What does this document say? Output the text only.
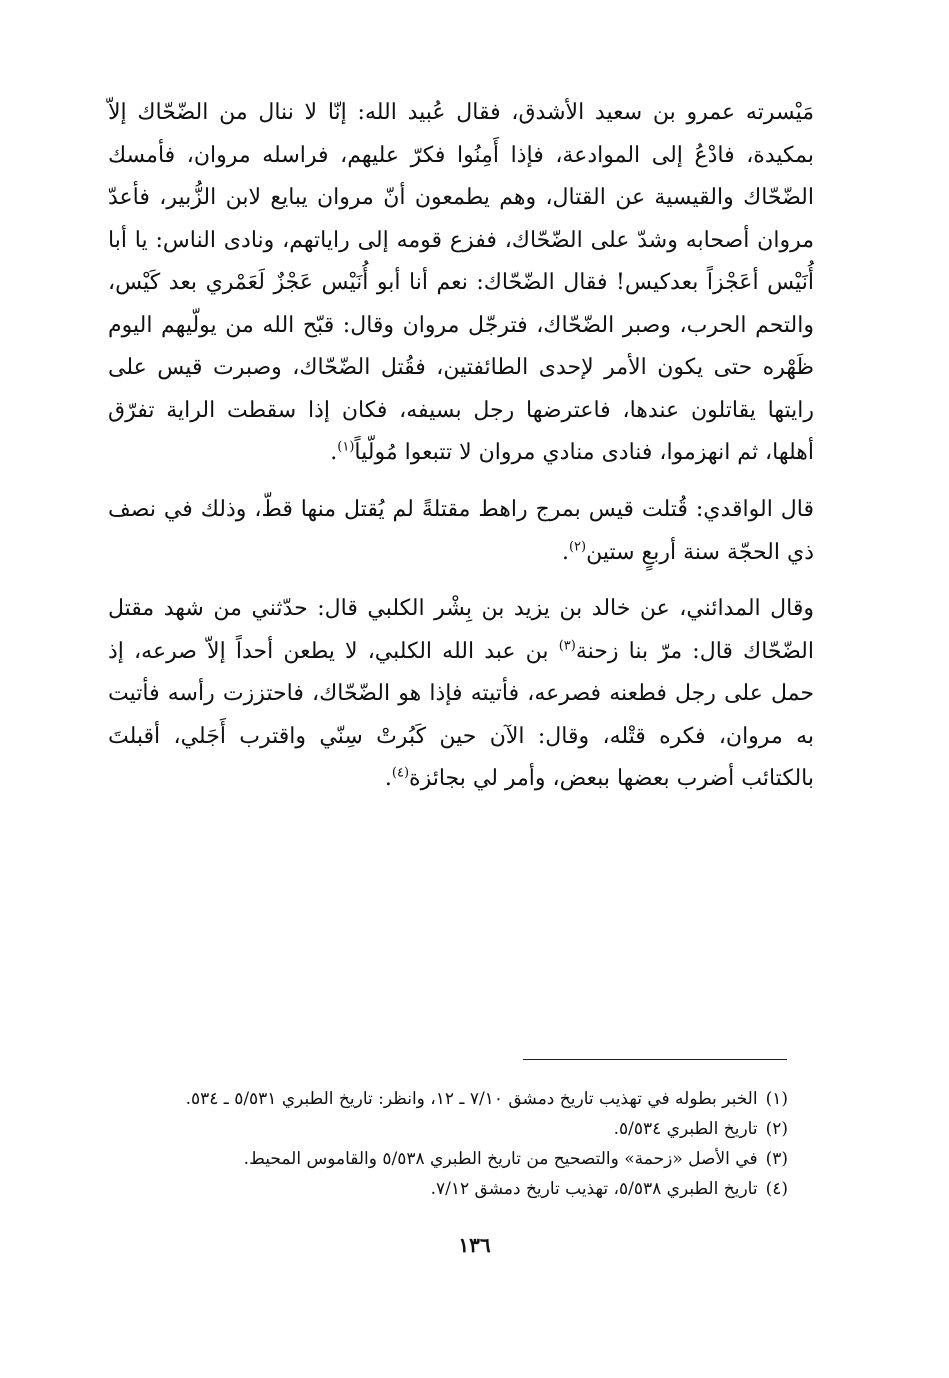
مَيْسرته عمرو بن سعيد الأشدق، فقال عُبيد الله: إنّا لا ننال من الضّحّاك إلاّ بمكيدة، فادْعُ إلى الموادعة، فإذا أَمِنُوا فكرّ عليهم، فراسله مروان، فأمسك الضّحّاك والقيسية عن القتال، وهم يطمعون أنّ مروان يبايع لابن الزُّبير، فأعدّ مروان أصحابه وشدّ على الضّحّاك، ففزع قومه إلى راياتهم، ونادى الناس: يا أبا أُنَيْس أعَجْزاً بعدكيس! فقال الضّحّاك: نعم أنا أبو أُنَيْس عَجْزٌ لَعَمْري بعد كَيْس، والتحم الحرب، وصبر الضّحّاك، فترجّل مروان وقال: قبّح الله من يولّيهم اليوم ظَهْره حتى يكون الأمر لإحدى الطائفتين، فقُتل الضّحّاك، وصبرت قيس على رايتها يقاتلون عندها، فاعترضها رجل بسيفه، فكان إذا سقطت الراية تفرّق أهلها، ثم انهزموا، فنادى منادي مروان لا تتبعوا مُولّياً$^{(١)}$.

قال الواقدي: قُتلت قيس بمرج راهط مقتلةً لم يُقتل منها قطّ، وذلك في نصف ذي الحجّة سنة أربعٍ ستين$^{(٢)}$.

وقال المدائني، عن خالد بن يزيد بن بِشْر الكلبي قال: حدّثني من شهد مقتل الضّحّاك قال: مرّ بنا زحنة$^{(٣)}$ بن عبد الله الكلبي، لا يطعن أحداً إلاّ صرعه، إذ حمل على رجل فطعنه فصرعه، فأتيته فإذا هو الضّحّاك، فاحتززت رأسه فأتيت به مروان، فكره قتْله، وقال: الآن حين كَبُرتْ سِنّي واقترب أَجَلي، أقبلتَ بالكتائب أضرب بعضها ببعض، وأمر لي بجائزة$^{(٤)}$.

(١)الخبر بطوله في تهذيب تاريخ دمشق ٧/١٠ ـ ١٢، وانظر: تاريخ الطبري ٥/٥٣١ ـ ٥٣٤.
(٢)تاريخ الطبري ٥/٥٣٤.
(٣)في الأصل «زحمة» والتصحيح من تاريخ الطبري ٥/٥٣٨ والقاموس المحيط.
(٤)تاريخ الطبري ٥/٥٣٨، تهذيب تاريخ دمشق ٧/١٢.
١٣٦
